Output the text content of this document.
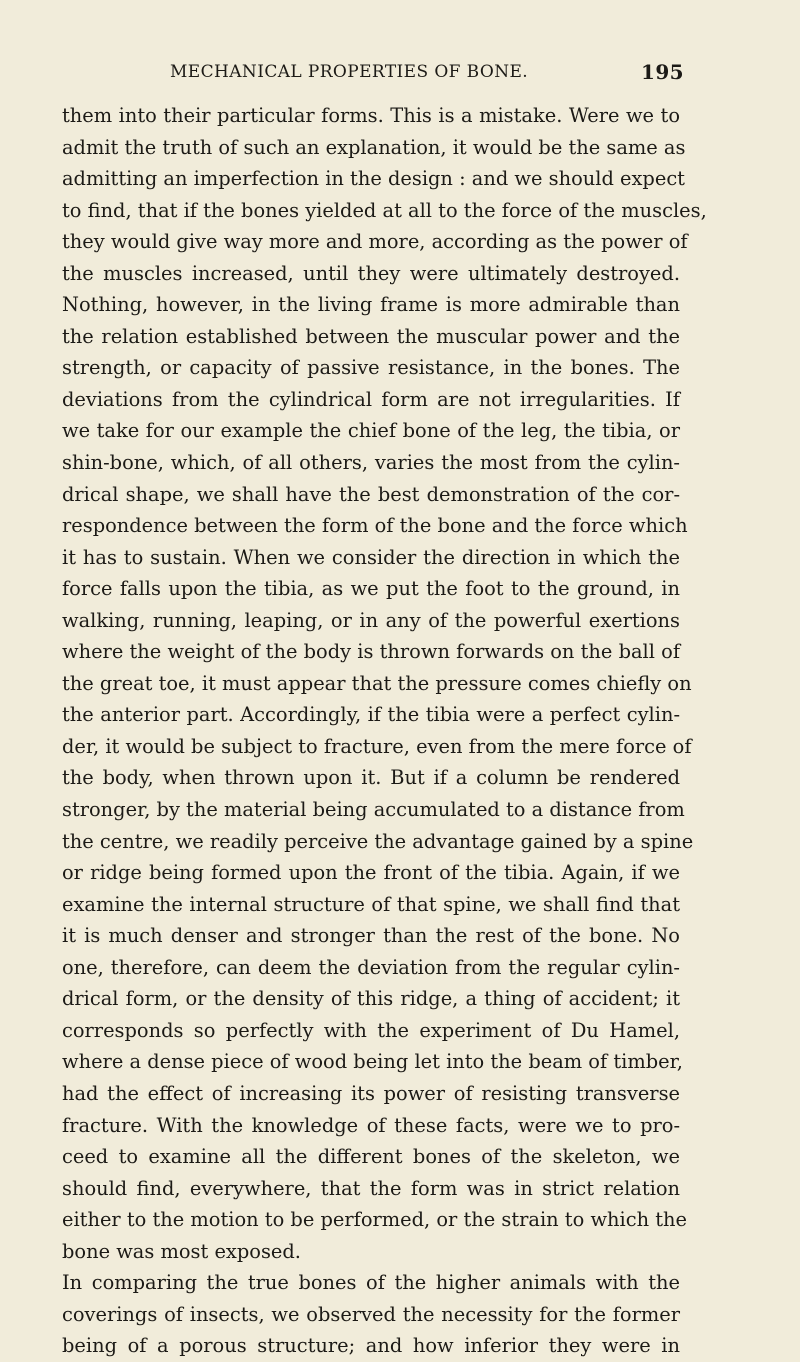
MECHANICAL PROPERTIES OF BONE.	195
them into their particular forms. This is a mistake. Were we to
admit the truth of such an explanation, it would be the same as
admitting an imperfection in the design : and we should expect
to find, that if the bones yielded at all to the force of the muscles,
they would give way more and more, according as the power of
the muscles increased, until they were ultimately destroyed.
Nothing, however, in the living frame is more admirable than
the relation established between the muscular power and the
strength, or capacity of passive resistance, in the bones. The
deviations from the cylindrical form are not irregularities. If
we take for our example the chief bone of the leg, the tibia, or
shin-bone, which, of all others, varies the most from the cylin-
drical shape, we shall have the best demonstration of the cor-
respondence between the form of the bone and the force which
it has to sustain. When we consider the direction in which the
force falls upon the tibia, as we put the foot to the ground, in
walking, running, leaping, or in any of the powerful exertions
where the weight of the body is thrown forwards on the ball of
the great toe, it must appear that the pressure comes chiefly on
the anterior part. Accordingly, if the tibia were a perfect cylin-
der, it would be subject to fracture, even from the mere force of
the body, when thrown upon it. But if a column be rendered
stronger, by the material being accumulated to a distance from
the centre, we readily perceive the advantage gained by a spine
or ridge being formed upon the front of the tibia. Again, if we
examine the internal structure of that spine, we shall find that
it is much denser and stronger than the rest of the bone. No
one, therefore, can deem the deviation from the regular cylin-
drical form, or the density of this ridge, a thing of accident; it
corresponds so perfectly with the experiment of Du Hamel,
where a dense piece of wood being let into the beam of timber,
had the effect of increasing its power of resisting transverse
fracture. With the knowledge of these facts, were we to pro-
ceed to examine all the different bones of the skeleton, we
should find, everywhere, that the form was in strict relation
either to the motion to be performed, or the strain to which the
bone was most exposed.
In comparing the true bones of the higher animals with the
coverings of insects, we observed the necessity for the former
being of a porous structure; and how inferior they were in
